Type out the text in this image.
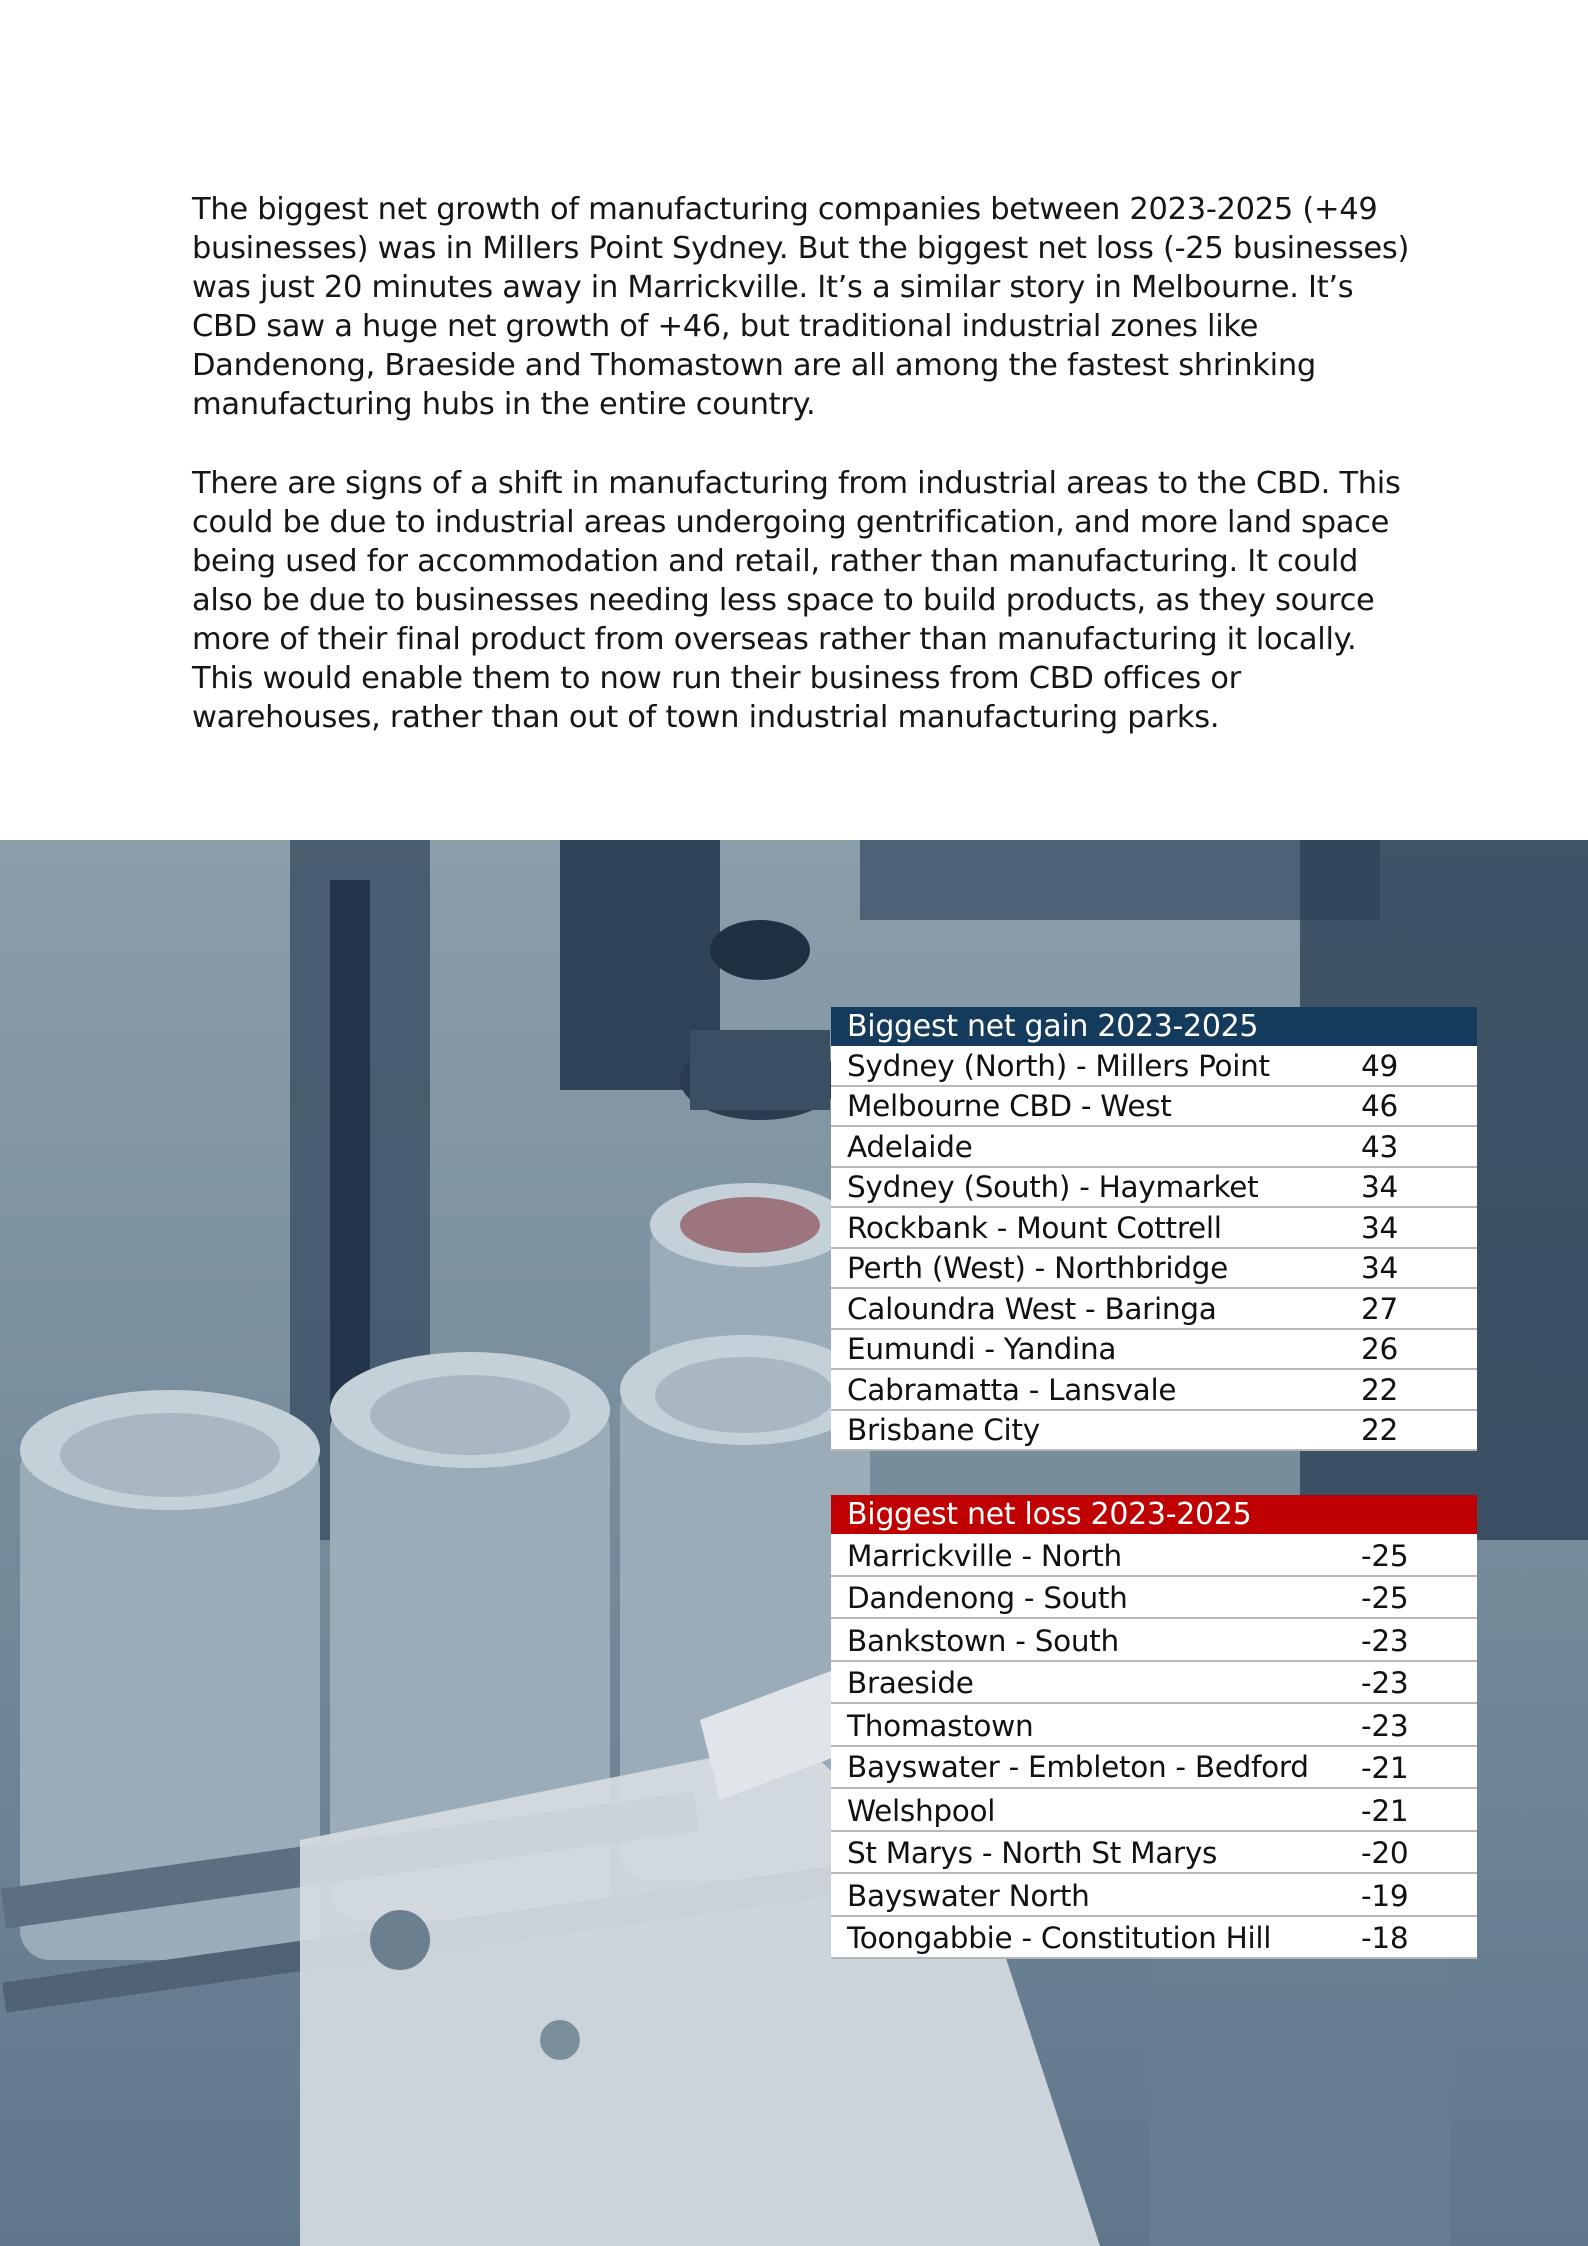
The biggest net growth of manufacturing companies between 2023-2025 (+49 businesses) was in Millers Point Sydney. But the biggest net loss (-25 businesses) was just 20 minutes away in Marrickville. It’s a similar story in Melbourne. It’s CBD saw a huge net growth of +46, but traditional industrial zones like Dandenong, Braeside and Thomastown are all among the fastest shrinking manufacturing hubs in the entire country.

There are signs of a shift in manufacturing from industrial areas to the CBD. This could be due to industrial areas undergoing gentrification, and more land space being used for accommodation and retail, rather than manufacturing. It could also be due to businesses needing less space to build products, as they source more of their final product from overseas rather than manufacturing it locally. This would enable them to now run their business from CBD offices or warehouses, rather than out of town industrial manufacturing parks.

Biggest net gain 2023-2025
Sydney (North) - Millers Point	49
Melbourne CBD - West	46
Adelaide	43
Sydney (South) - Haymarket	34
Rockbank - Mount Cottrell	34
Perth (West) - Northbridge	34
Caloundra West - Baringa	27
Eumundi - Yandina	26
Cabramatta - Lansvale	22
Brisbane City	22
Biggest net loss 2023-2025
Marrickville - North	-25
Dandenong - South	-25
Bankstown - South	-23
Braeside	-23
Thomastown	-23
Bayswater - Embleton - Bedford	-21
Welshpool	-21
St Marys - North St Marys	-20
Bayswater North	-19
Toongabbie - Constitution Hill	-18
